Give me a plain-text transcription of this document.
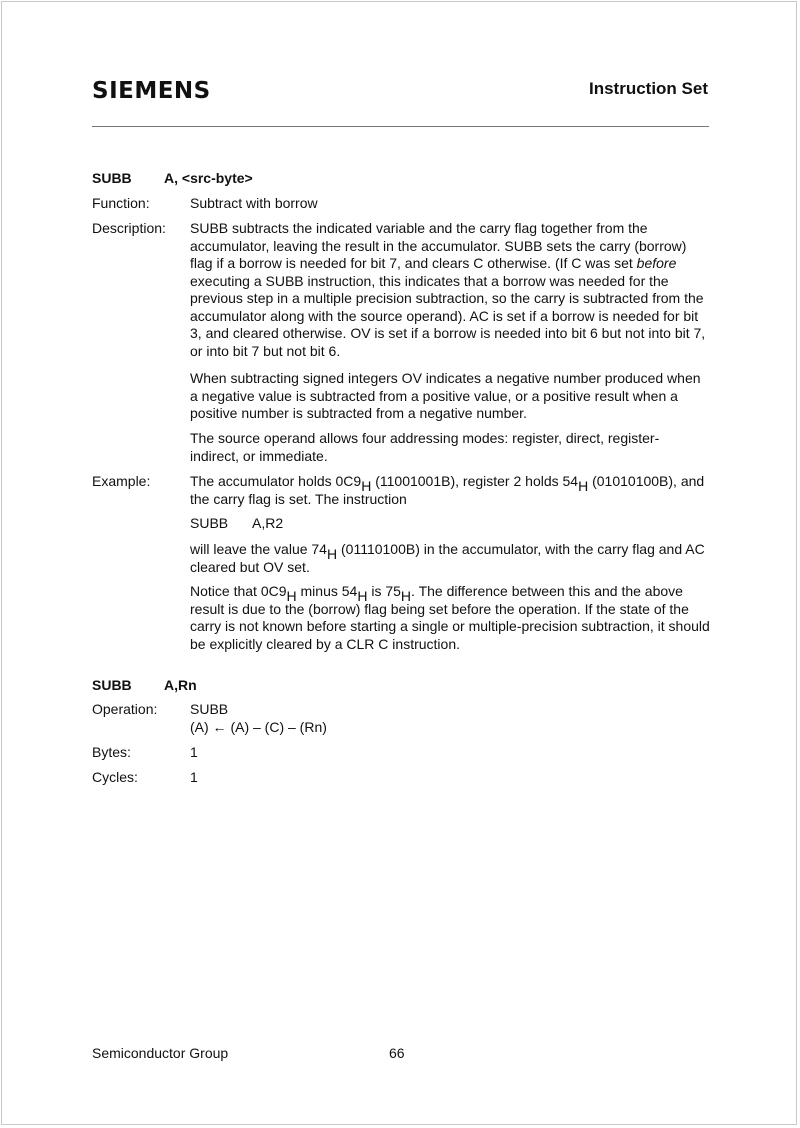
SIEMENS	Instruction Set
SUBB A, <src-byte>
Function:	Subtract with borrow
Description: SUBB subtracts the indicated variable and the carry flag together from the
accumulator, leaving the result in the accumulator. SUBB sets the carry (borrow)
flag if a borrow is needed for bit 7, and clears C otherwise. (If C was set before
executing a SUBB instruction, this indicates that a borrow was needed for the
previous step in a multiple precision subtraction, so the carry is subtracted from the
accumulator along with the source operand). AC is set if a borrow is needed for bit
3, and cleared otherwise. OV is set if a borrow is needed into bit 6 but not into bit 7,
or into bit 7 but not bit 6.
When subtracting signed integers OV indicates a negative number produced when
a negative value is subtracted from a positive value, or a positive result when a
positive number is subtracted from a negative number.
The source operand allows four addressing modes: register, direct, register-
indirect, or immediate.
Example:	The accumulator holds $0C9_H$ (11001001B), register 2 holds $54_H$ (01010100B), and
the carry flag is set. The instruction
SUBB A,R2
will leave the value $74_H$ (01110100B) in the accumulator, with the carry flag and AC
cleared but OV set.
Notice that $0C9_H$ minus $54_H$ is $75_H$. The difference between this and the above
result is due to the (borrow) flag being set before the operation. If the state of the
carry is not known before starting a single or multiple-precision subtraction, it should
be explicitly cleared by a CLR C instruction.
SUBB A,Rn
Operation: SUBB
(A) ← (A) – (C) – (Rn)
Bytes:	1
Cycles:	1
Semiconductor Group	66
